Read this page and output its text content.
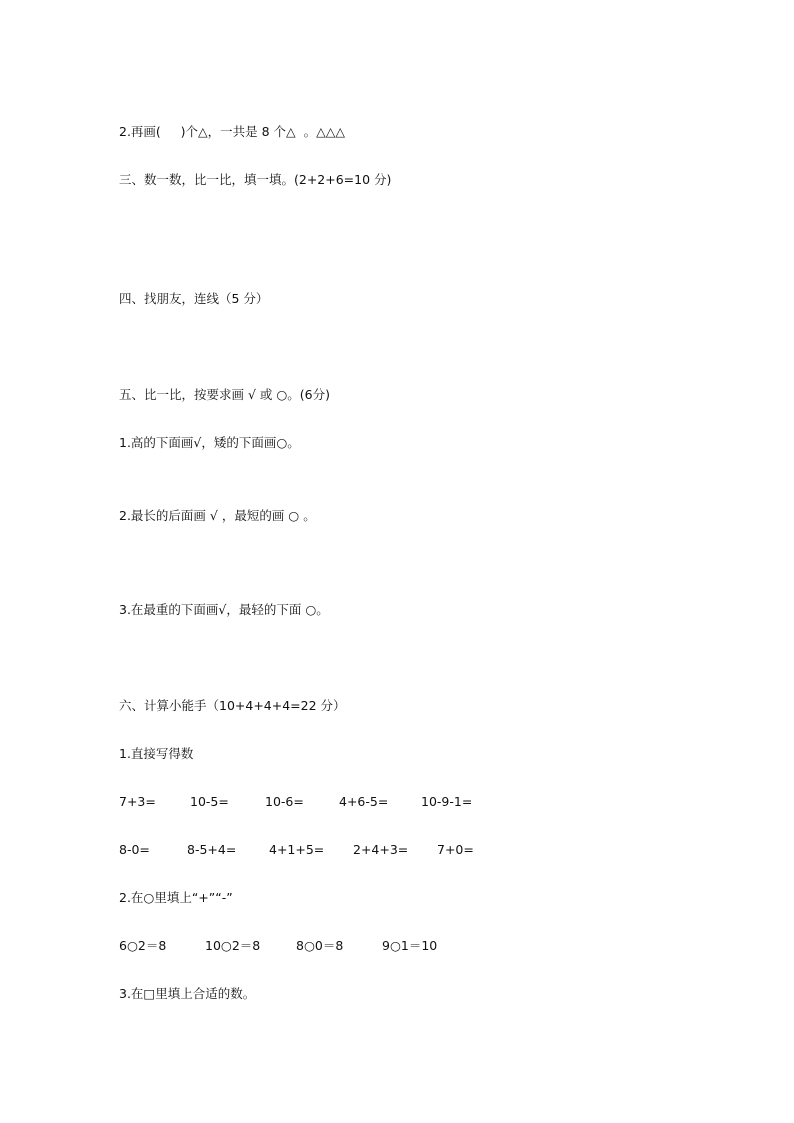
2.再画(     )个△，一共是 8 个△  。△△△
三、数一数，比一比，填一填。(2+2+6=10 分)
四、找朋友，连线（5 分）
五、比一比，按要求画 √ 或 ○。(6分)
1.高的下面画√，矮的下面画○。
2.最长的后面画 √ ，最短的画 ○ 。
3.在最重的下面画√，最轻的下面 ○。
六、计算小能手（10+4+4+4=22 分）
1.直接写得数
7+3=	10-5=	10-6=	4+6-5=	10-9-1=
8-0=	8-5+4=	4+1+5= 2+4+3= 7+0=
2.在○里填上“+”“-”
6○2＝8	10○2＝8	8○0＝8	9○1＝10
3.在□里填上合适的数。
